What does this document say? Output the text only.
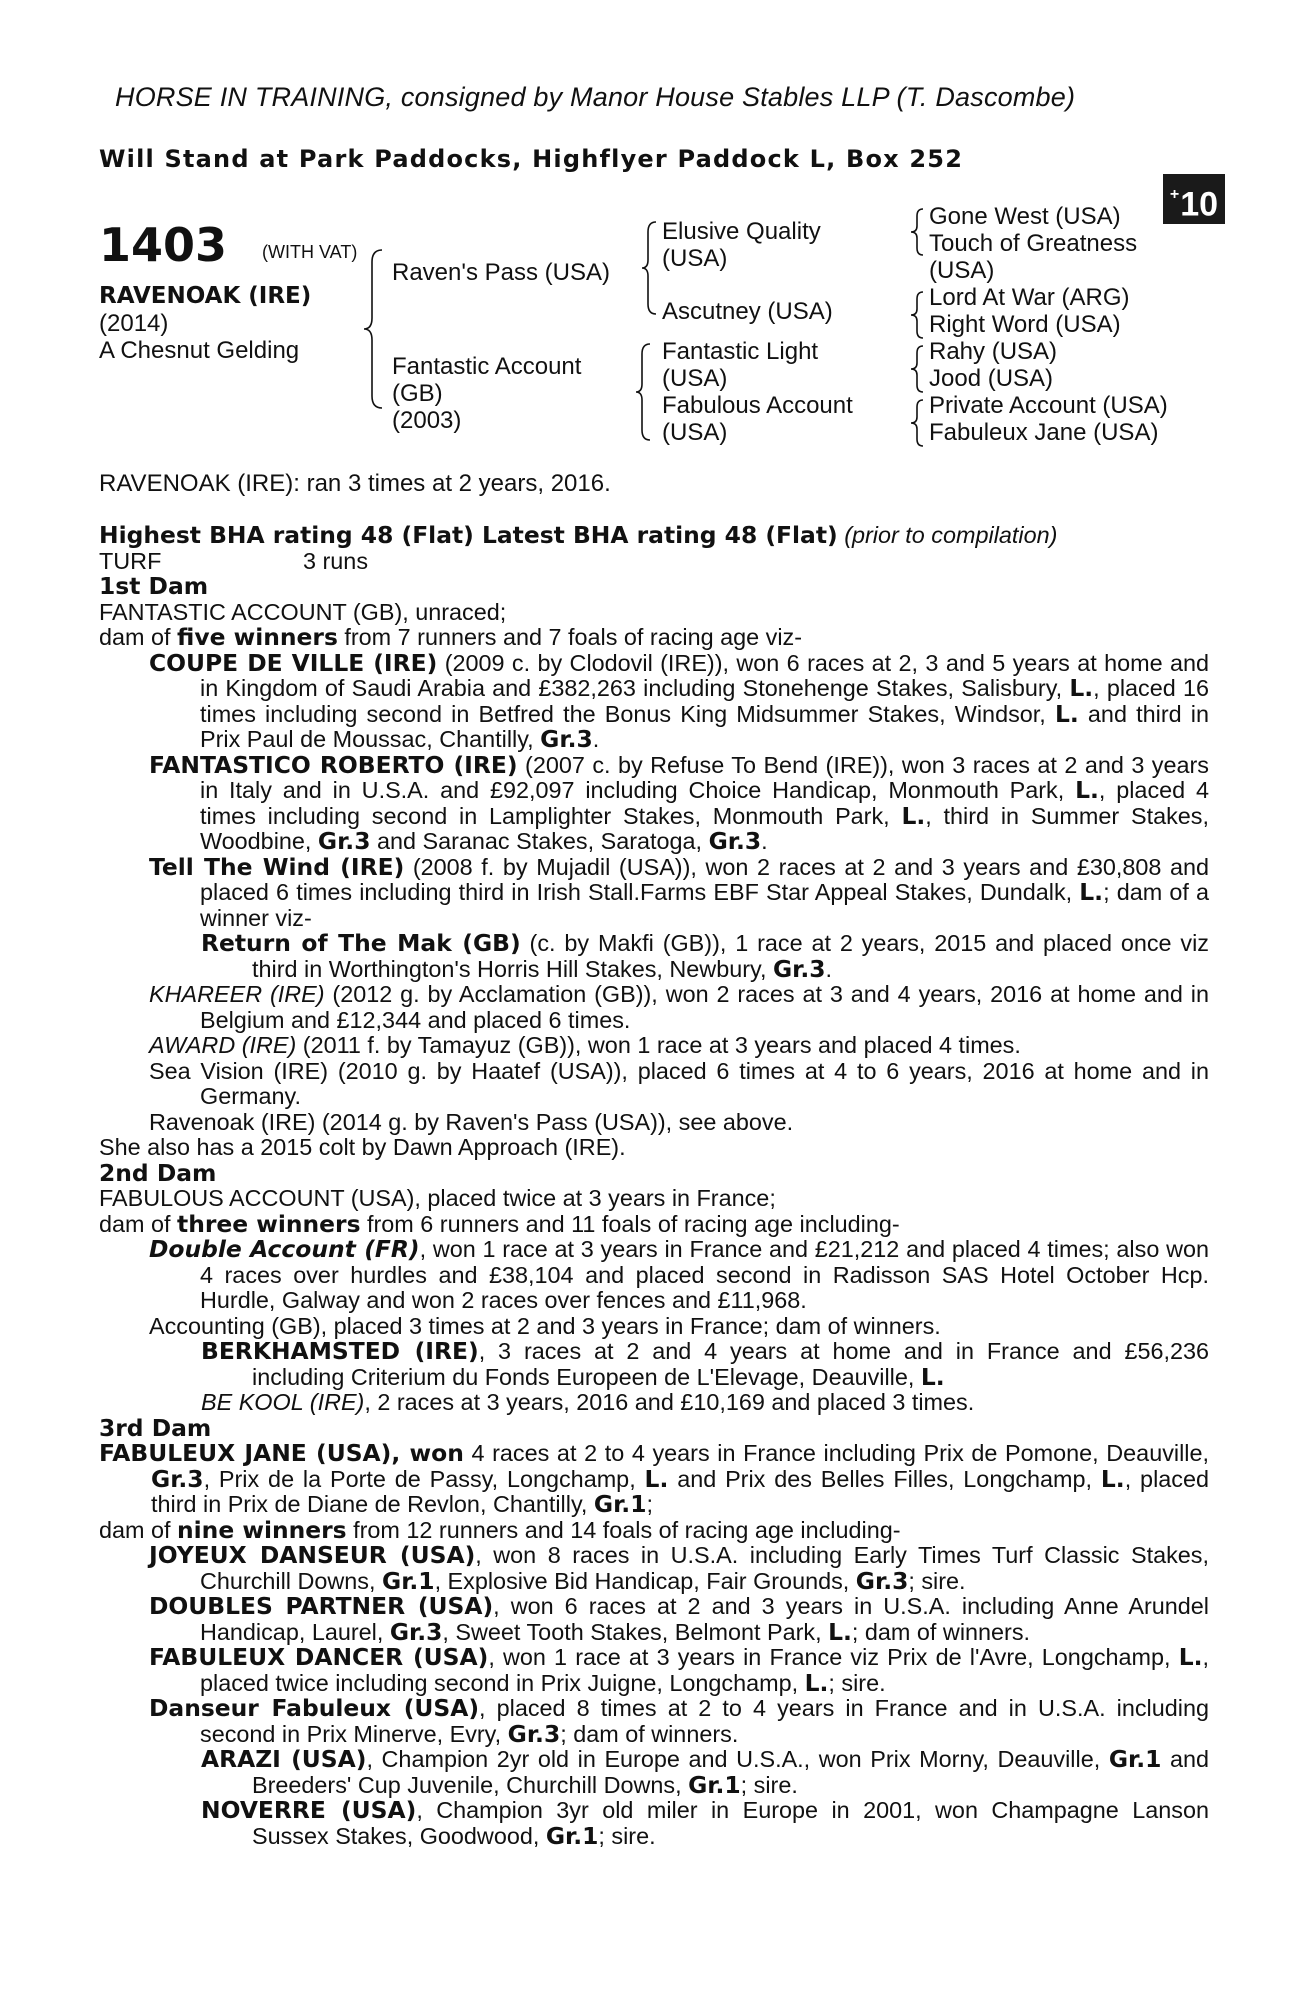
HORSE IN TRAINING, consigned by Manor House Stables LLP (T. Dascombe)
Will Stand at Park Paddocks, Highflyer Paddock L, Box 252
+10
1403 (WITH VAT)
RAVENOAK (IRE)
(2014)
A Chesnut Gelding
Raven's Pass (USA)
Fantastic Account
(GB)
(2003)
Elusive Quality
(USA)
Ascutney (USA)
Fantastic Light
(USA)
Fabulous Account
(USA)
Gone West (USA)
Touch of Greatness
(USA)
Lord At War (ARG)
Right Word (USA)
Rahy (USA)
Jood (USA)
Private Account (USA)
Fabuleux Jane (USA)
RAVENOAK (IRE): ran 3 times at 2 years, 2016.

Highest BHA rating 48 (Flat) Latest BHA rating 48 (Flat) (prior to compilation)

TURF	3 runs

1st Dam

FANTASTIC ACCOUNT (GB), unraced;

dam of five winners from 7 runners and 7 foals of racing age viz-

COUPE DE VILLE (IRE) (2009 c. by Clodovil (IRE)), won 6 races at 2, 3 and 5 years at home and in Kingdom of Saudi Arabia and £382,263 including Stonehenge Stakes, Salisbury, L., placed 16 times including second in Betfred the Bonus King Midsummer Stakes, Windsor, L. and third in Prix Paul de Moussac, Chantilly, Gr.3.

FANTASTICO ROBERTO (IRE) (2007 c. by Refuse To Bend (IRE)), won 3 races at 2 and 3 years in Italy and in U.S.A. and £92,097 including Choice Handicap, Monmouth Park, L., placed 4 times including second in Lamplighter Stakes, Monmouth Park, L., third in Summer Stakes, Woodbine, Gr.3 and Saranac Stakes, Saratoga, Gr.3.

Tell The Wind (IRE) (2008 f. by Mujadil (USA)), won 2 races at 2 and 3 years and £30,808 and placed 6 times including third in Irish Stall.Farms EBF Star Appeal Stakes, Dundalk, L.; dam of a winner viz-

Return of The Mak (GB) (c. by Makfi (GB)), 1 race at 2 years, 2015 and placed once viz third in Worthington's Horris Hill Stakes, Newbury, Gr.3.

KHAREER (IRE) (2012 g. by Acclamation (GB)), won 2 races at 3 and 4 years, 2016 at home and in Belgium and £12,344 and placed 6 times.

AWARD (IRE) (2011 f. by Tamayuz (GB)), won 1 race at 3 years and placed 4 times.

Sea Vision (IRE) (2010 g. by Haatef (USA)), placed 6 times at 4 to 6 years, 2016 at home and in Germany.

Ravenoak (IRE) (2014 g. by Raven's Pass (USA)), see above.

She also has a 2015 colt by Dawn Approach (IRE).

2nd Dam

FABULOUS ACCOUNT (USA), placed twice at 3 years in France;

dam of three winners from 6 runners and 11 foals of racing age including-

Double Account (FR), won 1 race at 3 years in France and £21,212 and placed 4 times; also won 4 races over hurdles and £38,104 and placed second in Radisson SAS Hotel October Hcp. Hurdle, Galway and won 2 races over fences and £11,968.

Accounting (GB), placed 3 times at 2 and 3 years in France; dam of winners.

BERKHAMSTED (IRE), 3 races at 2 and 4 years at home and in France and £56,236 including Criterium du Fonds Europeen de L'Elevage, Deauville, L.

BE KOOL (IRE), 2 races at 3 years, 2016 and £10,169 and placed 3 times.

3rd Dam

FABULEUX JANE (USA), won 4 races at 2 to 4 years in France including Prix de Pomone, Deauville, Gr.3, Prix de la Porte de Passy, Longchamp, L. and Prix des Belles Filles, Longchamp, L., placed third in Prix de Diane de Revlon, Chantilly, Gr.1;

dam of nine winners from 12 runners and 14 foals of racing age including-

JOYEUX DANSEUR (USA), won 8 races in U.S.A. including Early Times Turf Classic Stakes, Churchill Downs, Gr.1, Explosive Bid Handicap, Fair Grounds, Gr.3; sire.

DOUBLES PARTNER (USA), won 6 races at 2 and 3 years in U.S.A. including Anne Arundel Handicap, Laurel, Gr.3, Sweet Tooth Stakes, Belmont Park, L.; dam of winners.

FABULEUX DANCER (USA), won 1 race at 3 years in France viz Prix de l'Avre, Longchamp, L., placed twice including second in Prix Juigne, Longchamp, L.; sire.

Danseur Fabuleux (USA), placed 8 times at 2 to 4 years in France and in U.S.A. including second in Prix Minerve, Evry, Gr.3; dam of winners.

ARAZI (USA), Champion 2yr old in Europe and U.S.A., won Prix Morny, Deauville, Gr.1 and Breeders' Cup Juvenile, Churchill Downs, Gr.1; sire.

NOVERRE (USA), Champion 3yr old miler in Europe in 2001, won Champagne Lanson Sussex Stakes, Goodwood, Gr.1; sire.
